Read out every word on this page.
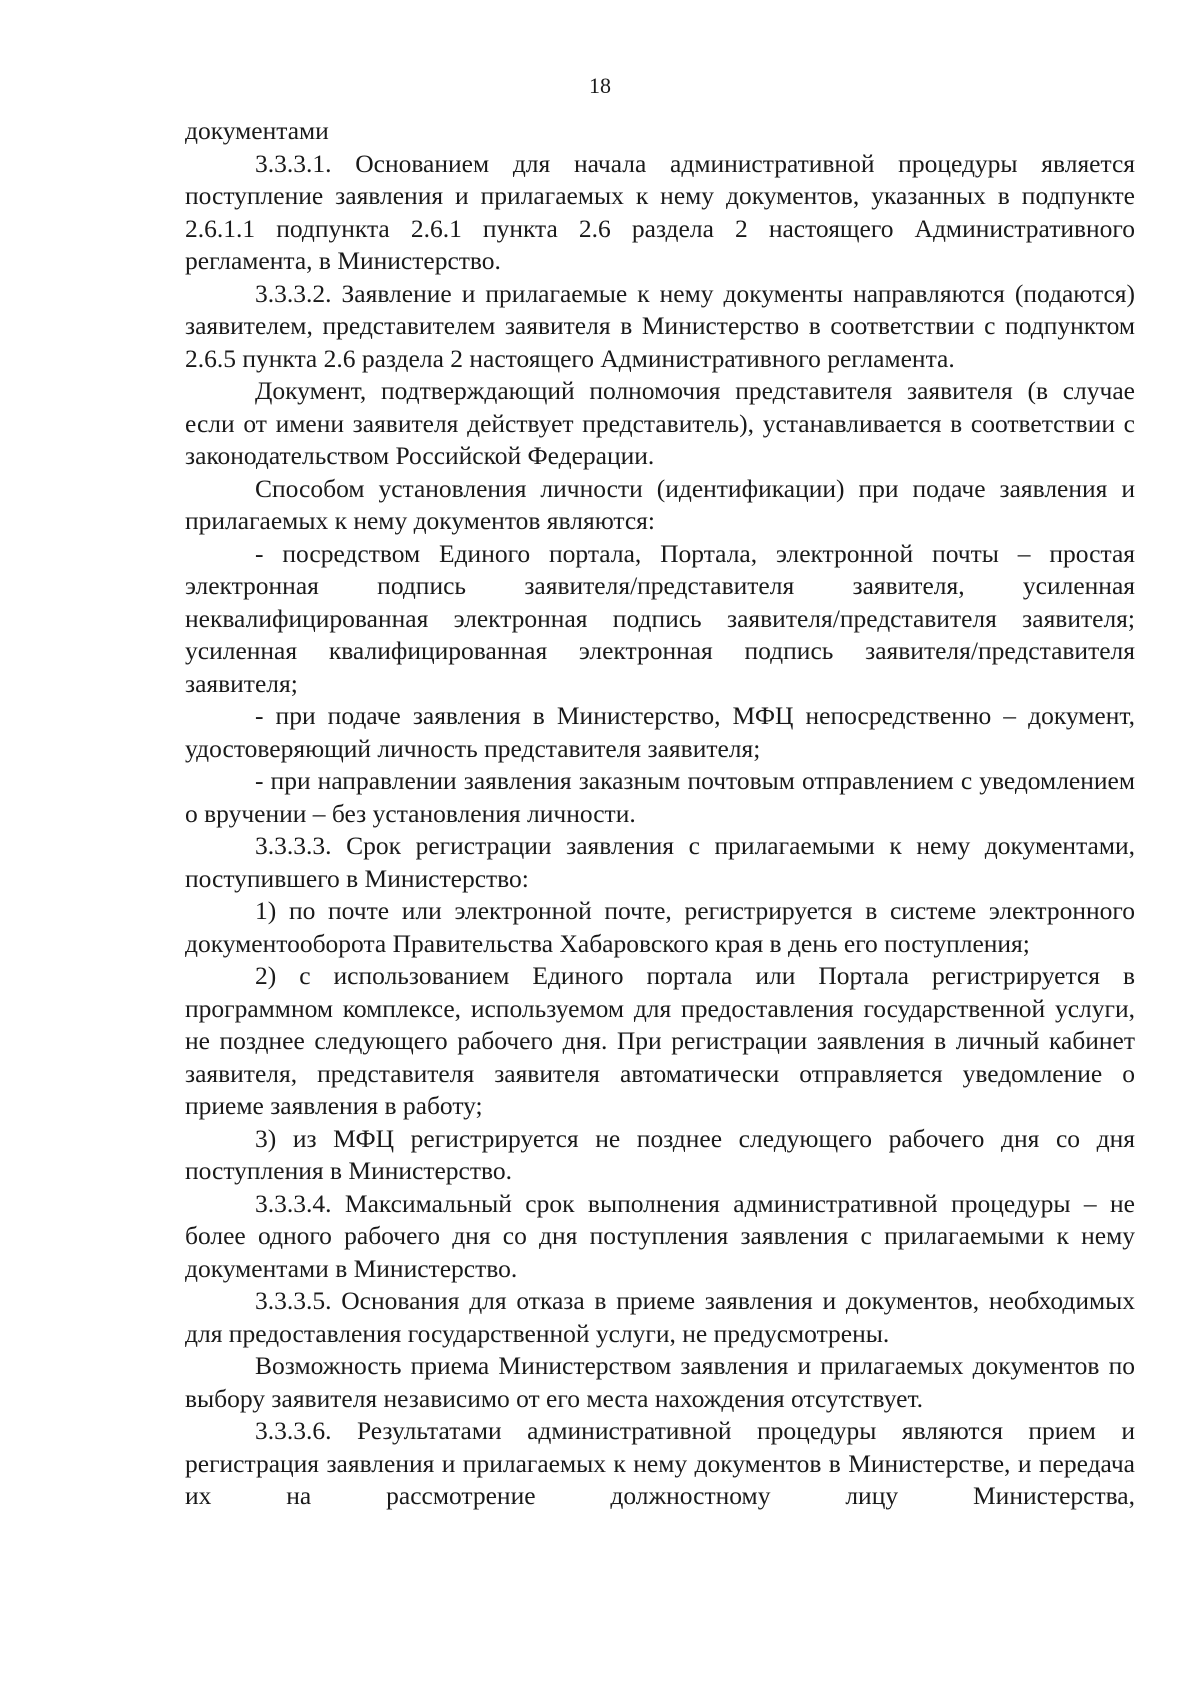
18

документами

3.3.3.1. Основанием для начала административной процедуры является поступление заявления и прилагаемых к нему документов, указанных в подпункте 2.6.1.1 подпункта 2.6.1 пункта 2.6 раздела 2 настоящего Административного регламента, в Министерство.

3.3.3.2. Заявление и прилагаемые к нему документы направляются (подаются) заявителем, представителем заявителя в Министерство в соответствии с подпунктом 2.6.5 пункта 2.6 раздела 2 настоящего Административного регламента.

Документ, подтверждающий полномочия представителя заявителя (в случае если от имени заявителя действует представитель), устанавливается в соответствии с законодательством Российской Федерации.

Способом установления личности (идентификации) при подаче заявления и прилагаемых к нему документов являются:

- посредством Единого портала, Портала, электронной почты – простая электронная подпись заявителя/представителя заявителя, усиленная неквалифицированная электронная подпись заявителя/представителя заявителя; усиленная квалифицированная электронная подпись заявителя/представителя заявителя;

- при подаче заявления в Министерство, МФЦ непосредственно – документ, удостоверяющий личность представителя заявителя;

- при направлении заявления заказным почтовым отправлением с уведомлением о вручении – без установления личности.

3.3.3.3. Срок регистрации заявления с прилагаемыми к нему документами, поступившего в Министерство:

1) по почте или электронной почте, регистрируется в системе электронного документооборота Правительства Хабаровского края в день его поступления;

2) с использованием Единого портала или Портала регистрируется в программном комплексе, используемом для предоставления государственной услуги, не позднее следующего рабочего дня. При регистрации заявления в личный кабинет заявителя, представителя заявителя автоматически отправляется уведомление о приеме заявления в работу;

3) из МФЦ регистрируется не позднее следующего рабочего дня со дня поступления в Министерство.

3.3.3.4. Максимальный срок выполнения административной процедуры – не более одного рабочего дня со дня поступления заявления с прилагаемыми к нему документами в Министерство.

3.3.3.5. Основания для отказа в приеме заявления и документов, необходимых для предоставления государственной услуги, не предусмотрены.

Возможность приема Министерством заявления и прилагаемых документов по выбору заявителя независимо от его места нахождения отсутствует.

3.3.3.6. Результатами административной процедуры являются прием и регистрация заявления и прилагаемых к нему документов в Министерстве, и передача их на рассмотрение должностному лицу Министерства,
